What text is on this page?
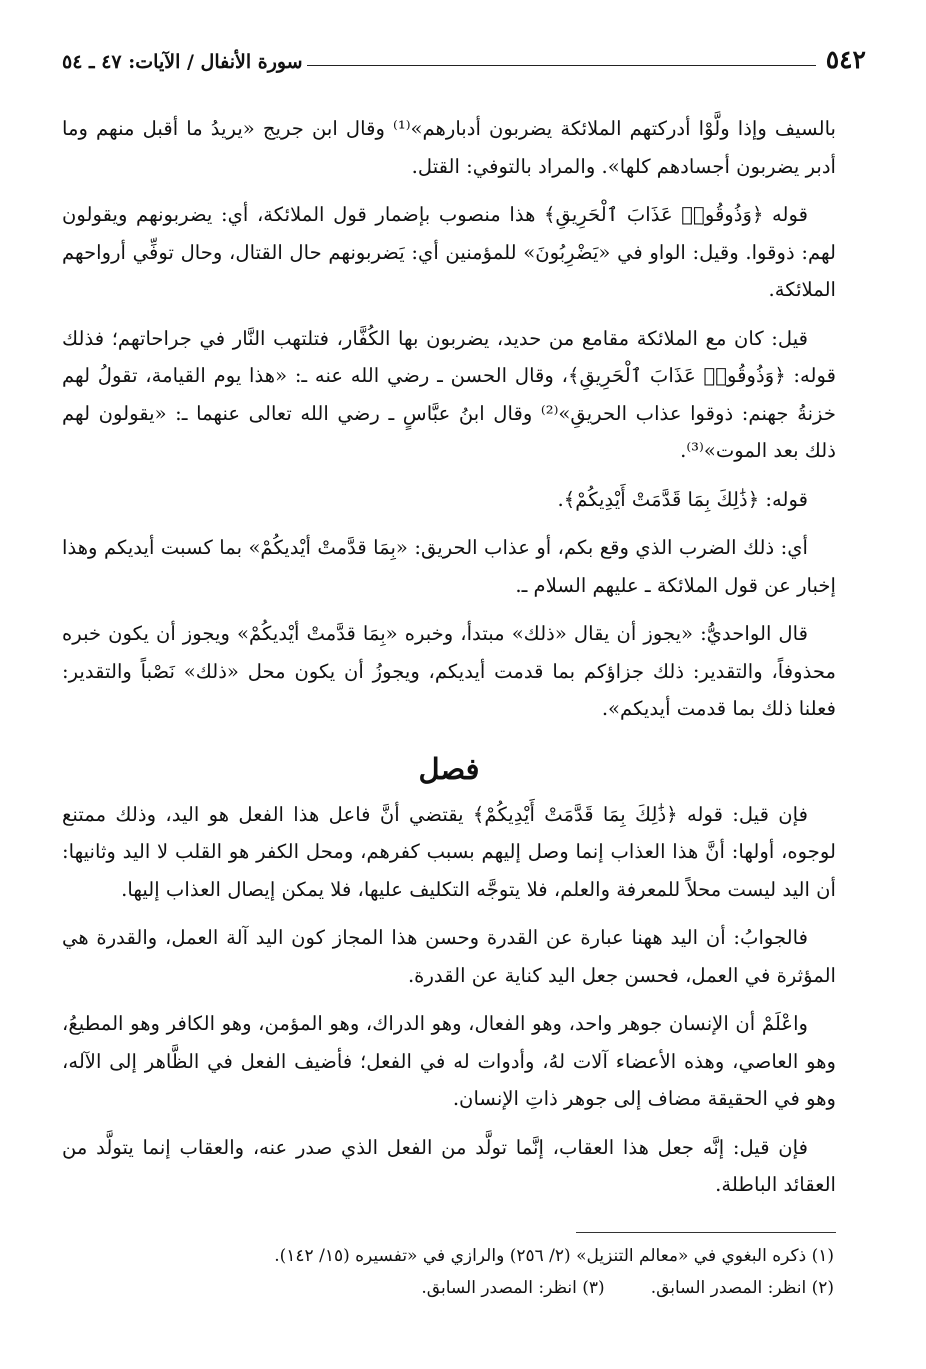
٥٤٢
سورة الأنفال / الآيات: ٤٧ ـ ٥٤

بالسيف وإذا ولَّوْا أدركتهم الملائكة يضربون أدبارهم»⁽¹⁾ وقال ابن جريج «يريدُ ما أقبل منهم وما أدبر يضربون أجسادهم كلها». والمراد بالتوفي: القتل.

قوله ﴿وَذُوقُوا۟ عَذَابَ ٱلْحَرِيقِ﴾ هذا منصوب بإضمار قول الملائكة، أي: يضربونهم ويقولون لهم: ذوقوا. وقيل: الواو في «يَضْرِبُونَ» للمؤمنين أي: يَضربونهم حال القتال، وحال توفِّي أرواحهم الملائكة.

قيل: كان مع الملائكة مقامع من حديد، يضربون بها الكُفَّار، فتلتهب النَّار في جراحاتهم؛ فذلك قوله: ﴿وَذُوقُوا۟ عَذَابَ ٱلْحَرِيقِ﴾، وقال الحسن ـ رضي الله عنه ـ: «هذا يوم القيامة، تقولُ لهم خزنةُ جهنم: ذوقوا عذاب الحريقِ»⁽²⁾ وقال ابنُ عبَّاسٍ ـ رضي الله تعالى عنهما ـ: «يقولون لهم ذلك بعد الموت»⁽³⁾.

قوله: ﴿ذَٰلِكَ بِمَا قَدَّمَتْ أَيْدِيكُمْ﴾.

أي: ذلك الضرب الذي وقع بكم، أو عذاب الحريق: «بِمَا قدَّمتْ أيْديكُمْ» بما كسبت أيديكم وهذا إخبار عن قول الملائكة ـ عليهم السلام ـ.

قال الواحديُّ: «يجوز أن يقال «ذلك» مبتدأ، وخبره «بِمَا قدَّمتْ أيْديكُمْ» ويجوز أن يكون خبره محذوفاً، والتقدير: ذلك جزاؤكم بما قدمت أيديكم، ويجوزُ أن يكون محل «ذلك» نَصْباً والتقدير: فعلنا ذلك بما قدمت أيديكم».

فصل

فإن قيل: قوله ﴿ذَٰلِكَ بِمَا قَدَّمَتْ أَيْدِيكُمْ﴾ يقتضي أنَّ فاعل هذا الفعل هو اليد، وذلك ممتنع لوجوه، أولها: أنَّ هذا العذاب إنما وصل إليهم بسبب كفرهم، ومحل الكفر هو القلب لا اليد وثانيها: أن اليد ليست محلاً للمعرفة والعلم، فلا يتوجَّه التكليف عليها، فلا يمكن إيصال العذاب إليها.

فالجوابُ: أن اليد ههنا عبارة عن القدرة وحسن هذا المجاز كون اليد آلة العمل، والقدرة هي المؤثرة في العمل، فحسن جعل اليد كناية عن القدرة.

واعْلَمْ أن الإنسان جوهر واحد، وهو الفعال، وهو الدراك، وهو المؤمن، وهو الكافر وهو المطيعُ، وهو العاصي، وهذه الأعضاء آلات لهُ، وأدوات له في الفعل؛ فأضيف الفعل في الظَّاهر إلى الآله، وهو في الحقيقة مضاف إلى جوهر ذاتِ الإنسان.

فإن قيل: إنَّه جعل هذا العقاب، إنَّما تولَّد من الفعل الذي صدر عنه، والعقاب إنما يتولَّد من العقائد الباطلة.

(١) ذكره البغوي في «معالم التنزيل» (٢/ ٢٥٦) والرازي في «تفسيره (١٥/ ١٤٢).
(٢) انظر: المصدر السابق.
(٣) انظر: المصدر السابق.
